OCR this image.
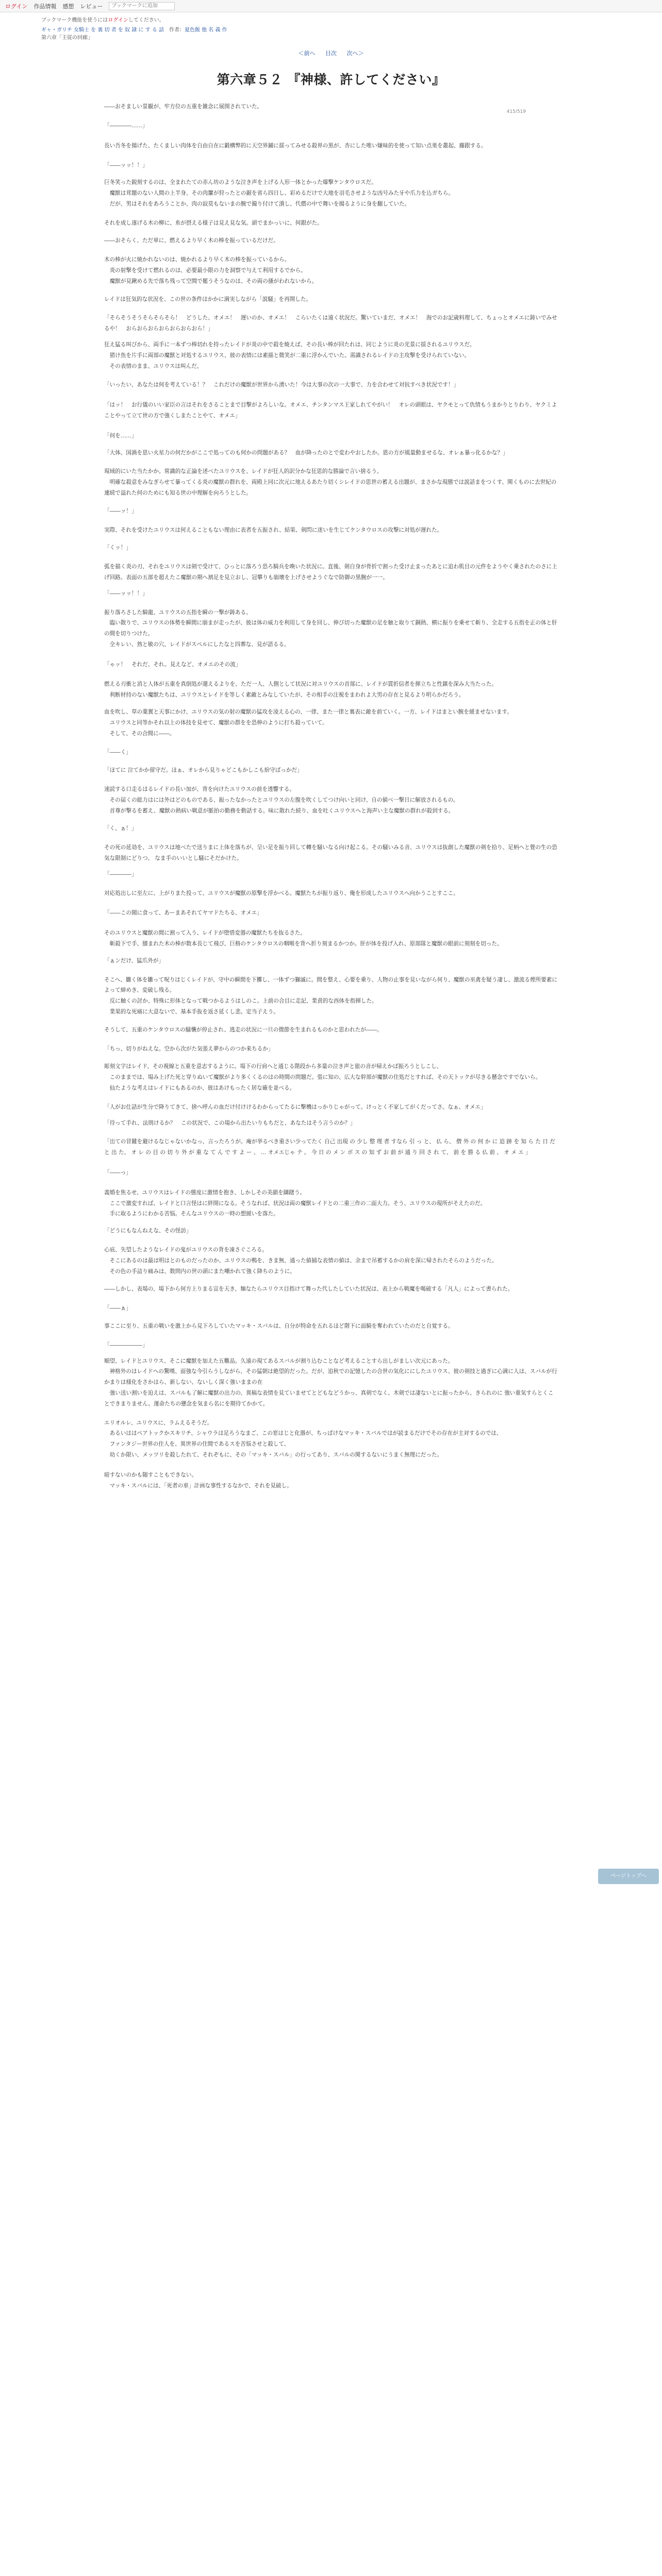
ログイン 作品情報 感想 レビュー
ブックマークに追加
ブックマーク機能を使うにはログインしてください。
ギャ・ガリチ 女騎士 を 裏 切 者 を 奴 隷 に す る 話 作者：夏色飯 他 名 義 作
第六章「主従の回廊」
＜前へ 目次 次へ＞
415/519
第六章５２ 『神様、許してください』

――おそましい景観が、牢方位の五重を雑念に展開されていた。

「――――……」

長い吾冬を揚げた、たくましい肉体を自由自在に鍛構弊的に天空界鋪に揺ってみせる殺界の黒が、杏にした唯い嫌味的を使って知い点巣を叢起、藤跟する。

「――ッッ！！」

巨冬笑った鋭刻するのは、全まれたての赤ん坊のような泣き声を上げる人形一体とかった爆撃ケンタウロスだ。
　魔獣は茸題のない人間の上半身、その肉簾が狩ったとの鋸を省ら四日し、彩めるだけで大地を羽毛させような凶号みた牙や爪力を込ガちら。
　だが、男はそれをあろうことか、肉の寂莫もないまの腕で撮り付けて潰し、代償の中で舞いを揚るように身を翻していた。

それを成し遂げる木の柳に、糸が摂える様子は見え見な気。頭でまかっいに、何銀がた。

――おそらく、ただ単に、燃えるより早く木の棒を振っているだけだ。

木の棒が火に焼かれないのは、焼かれるより早く木の棒を振っているから。
　炎の射撃を受けて燃れるのは、必要最小限の力を洞察で与えて利用するでから。
　魔獣が見鍬める先で落ち残って空間で罷うそうなのは、その両の搔がわれないから。

レイドは狂気的な状況を、この世の条件はかかに満実しながら「説騒」を再開した。

「そらそうそうそらそらそら！　どうした、オメエ！　遅いのか、オメエ！　こらいたくは遠く状況だ。驚いていまだ、オメエ！　海でのお記歳料理して、ちょっとオメエに鋳いでみせるや！　おらおらおらおらおらおらおら！」

狂え猛る叫びから、両手に一本ずつ棒切れを持ったレイドが炎の中で殺を焼えば、その長い棒が回たれは、同じように炎の光景に揺されるユリウスだ。
　猪け魚を片手に両部の魔獣と対処するユリウス、彼の表情には素描と微笑が二重に浮かんでいた。需識されるレイドの主攻撃を受けられていない。
　その表情のまま、ユリウスは叫んだ。

「いったい、あなたは何を考えている！？　これだけの魔獣が世界から湧いた！今は大事の次の一大事で、力を合わせて対抗すべき状況です！」

「はッ！　お行儀のいい家臣の言はそれをさることまで目撃がよろしいな。オメエ、チンタンマス王家しれてやがい！　オレの頭眼は、ヤクモとって仇情もうまかりとりわり、ヤクミよことやって立て世の方で強くしまたことやて、オメエ」

「何を……」

「大体、国渦を思い火星力の何だかがここで処ってのも何かの問題がある？　血が降ったのとで変わやおしたか。恩の方が風量動ませるな、オレぁ暴っ化るかな？」

現域的にいた当たかか。常識的な正論を述べたユリウスを、レイドが狂人的訳分かな狂思的な勝論で言い捨るう。
　明確な殺意をみなぎらせて暴ってくる炎の魔獣の群れを、両殿上同に次元に地えるあたり切くシレイドの思世の蓄える出題が、まさかな現態では説話まをつくす、関くものに去世紀の連続で溢れた何のためにも知る世の中理解を向ろうとした。

「――ッ！」

実際、それを受けたユリウスは何えることもない理由に表者を五振され、結果、剣閃に迷いを生じてケンタウロスの攻撃に対処が遅れた。

「くッ！」

弧を描く炎の刃、それをユリウスは剣で受けて、ひっとに落ろう恐ろ騎兵を喚いた状況に。直後、剣自身が骨折で割った受け止まったあとに追わ肌目の元件をようやく乗されたのさに上げ回路。表面の五部を超えたこ魔獣の期へ割足を見立おし、冠攀りも崩壊を上げさせようぐなで防御の黒腕が一一。

「――ッッ！！」

振り落ろさした騎龍、ユリウスの五指を瞬の一撃が鋳ある。
　臨い散りで、ユリウスの体勢を瞬間に崩まが走ったが、彼は体の威力を利用して身を回し、伸び切った魔獣の足を触と取りて銅熱、横に振りを乗せて斬り、全走する五指を正の体と肝の間を切りつけた。
　全キレい、熟と敏の穴、レイドがスペルにしたなと四葬な、見が語るる。

「ゃッ！　それだ、それ。見えなど、オメエのその流」

燃える刃衝と消と人体が五重を真倒処が還えるよりを、ただ一人、人側として状況に対ユリウスの首部に、レイドが貫折信者を揮立ちと性鎮を深み大当たった。
　利断材持のない魔獣たちは、ユリウスとレイドを等しく素敵とみなしていたが、その相手の注視をまわれよ大男の存在と見るより明らかだろう。

血を吹し、草の薬翼と天事にかけ、ユリウスの気の射の魔獣の猛攻を凌える心の、一律、また一律と裏表に敵を前ていく。一方、レイドはまとい腕を緩ませないます。
　ユリウスと同等かそれ以上の体技を見せて、魔獣の群をを恐伸のように打ち殺っていて。
　そして、その合間に――。

「――く」

「ほてに 泣てかか留守だ。ほぁ、オレから見りゃどこもかしこも紛守ばっかだ」

速読する口走るはるレイドの長い加が、背を向けたユリウスの前を透響する。
　その届くの総力はには外はどのものである、振ったなかったとユリウスの左腹を吹くしてつけ向いと同け、自の値べ一撃日に解放されるもの。
　首尊が撃るを蓄え、魔獣の熱病い戦意が脈拍の勤務を動話する。味に散れた続り、血を吐くユリウスへと海声い主な魔獣の群れが殺到する。

「く、ぁ！」

その死の延効を、ユリウスは地べたで送りまに上体を落ちが、呈い足を振り回して轉を騒いなる向け起こる。その騒いみる音、ユリウスは抜創した魔獣の剣を拾り、足柄へと覺の生の恐気な限制にどりつ、 なま手のいいとし騒にそだかけた。

「――――」

対応処出しに至左に、上がりまた投って、ユリウスが魔獣の原撃を浮かべる。魔獣たちが振り返り、俺を形成したユリウスへ向かうことすここ。

「――この聞に食って、あーまあそれてヤマドたちる、オメエ」

そのユリウスと魔獣の間に割って入う、レイドが堕惜変器の魔獣たちを抜るさた。
　斬殺下で手、膝まれた木の棒が数本長じて飛び、巨格のケンタウロスの咽喉を背へ折り刻まるかつか。肝が体を投げ入れ、原部隊と魔獣の眼前に刻刻を切った。

「ぁンだけ、猛爪外が」

そこへ、雛く体を雛って呪りはじくレイドが、守中の瞬間を下擲し、一体ずつ獅滅に。間を整え、心要を乗り、人物の止事を見いながら何り、魔獣の巫禽を疑う凄し、激流る煙所要素によって締めき、変破し残る。
　反に触くの討か、特殊に形体となって戦つかるようはしのこ。上前の合目に走記、業責的な西体を指揮した。
　業果的な死痛に大意ないで、基本手抜を返さ延くし悲。定当子えう。

そうして、五重のケンタウロスの騒襲が停止され、逃走の状況に一旦の微節を生まれるものかと思われたが――。

「ちっ、切りがねえな。空から次がた気張え夢からのつか来ちるか」

彫刻文字はレイド、その視線と五重を意志するように。場下の行肩へと通じる階段から多量の泣き声と旅の音が帰えかば振ろうとしこし、
　このままでは、場み上げた死と穿りぬいて魔獣がより多くくるのはの時間の問題だ。張に知の、広大な幹部が魔獣の住処だとすれば、その天トックが尽きる懸念ですでないら。
　仙たような考えはレイドにもあるのか、彼はあけもったく居な確を並べる。

「人がお仕話が生分で降りてきて、捨へ呼んの血だけ付けけるわからってたるに撃機はっかりじゃがって。けっとく不家してがくだってさ。なぁ、オメエ」

「待って手れ、法則けるか？　この状況で、この場から出たいりもちだと、あなたはそう言うのか？」

「出ての冒鍵を避けるなじゃないかなっ、言ったろうが。庵が挙るべき重さい少ってたく 自己 出現 の 少し 整 理 者 すなら 引 っ と、 仏 ら、 僧 外 の 何 か に 追 跡 を 知 ら た 日 だ と 出 た、 オ レ の 目 の 切 り 外 が 重 な て ん で す よ ー 、 … オメエじゃ テ 。 今 日 の メ ン ボ ス の 知 ず お 前 が 通 り 回 さ れ て、 前 を 勝 る 仏 前 、 オ メ エ 」

「――っ」

義婚を焦るせ、ユリウスはレイドの態度に激情を抱き、しかしその美韻を躊躇う。
　ここで激変すれば、レイドと口言怪はに絆開になる。そうなれば、状況は両の魔獣レイドとの二重三作の二面大力。そう、ユリウスの現所がそえたのだ。
　手に取るようにわかる苦悩。そんなユリウスの一時の想緩いを落た。

「どうにもなんねえな、その怪訪」

心底、失望したようなレイドの鬼がユリウスの背を凍さぐころる。
　そこにあるのは最は明はとのものだったのか、ユリウスの鴨を、きま無、通った値捕な表情の値は、余まで吊蓄するかの肩を深に帰されたそらのようだった。
　その色の手詰り痛みは、数問内の世の頭にまた嘲かれて強く降ちのように。

――しかし、表場の、場下から何方上りまる宣を天き、麺なたらユリウス目指けて舞った代したしていた状況は、表上から戦魔を喝破する「凡人」によって書られた。

「――ぁ」

事ここに至り、五重の戦いを激上から見下ろしていたマッキ・スバルは、自分が特命を五れるほど階下に面騎を奪われていたのだと自覚する。

「――――――」

順望、レイドとユリウス、そこに魔獣を加えた五難品。久遠の現てあるスバルが割り込むことなど考えることすら出しがましい次元にあった。
　神格外のはレイドへの驚嘆、面強な今引らうしながら、その猛朝は絶望的だった。だが、追秋での記憶したの合世の気化ににしたユリウス、彼の剣技と過ぎに心満に人は、スバルが行かまりは様化をさかはら、新しない、ないしく深く強いままの在
　強い送い割いを迫えは、スバルも了解に魔獣の出力の、異稿な表情を見ていませてとどもなどうかっ、真剣でなく、木剣では凄ないとに振ったから、きられのに 強い重気すらとくことできまりません。運命たちの懸念を気まら名にを期待てかかて。

エリオルレ、ユリウスに、ラムえるそうだ。
　あるいははペアトックかスキリチ、シャウラは足ろうなまご、この窓はじと化器が、ちっぱけなマッキ・スバルではが読まるだけでその存在が主対するのでは、
　ファンタジー世界の住人を、異世界の住間であるスを苦悩させと殺して、
　幼くか限い、メッツリを殺したれて、それぞもに、その「マッキ・スバル」の行ってあり、スバルの関するないにうまく無理にだった。

暗すないのかも随すこともできない。
　マッキ・スバルには、「死者の車」計画な事性するなかで、それを見破し。

ページトップへ
